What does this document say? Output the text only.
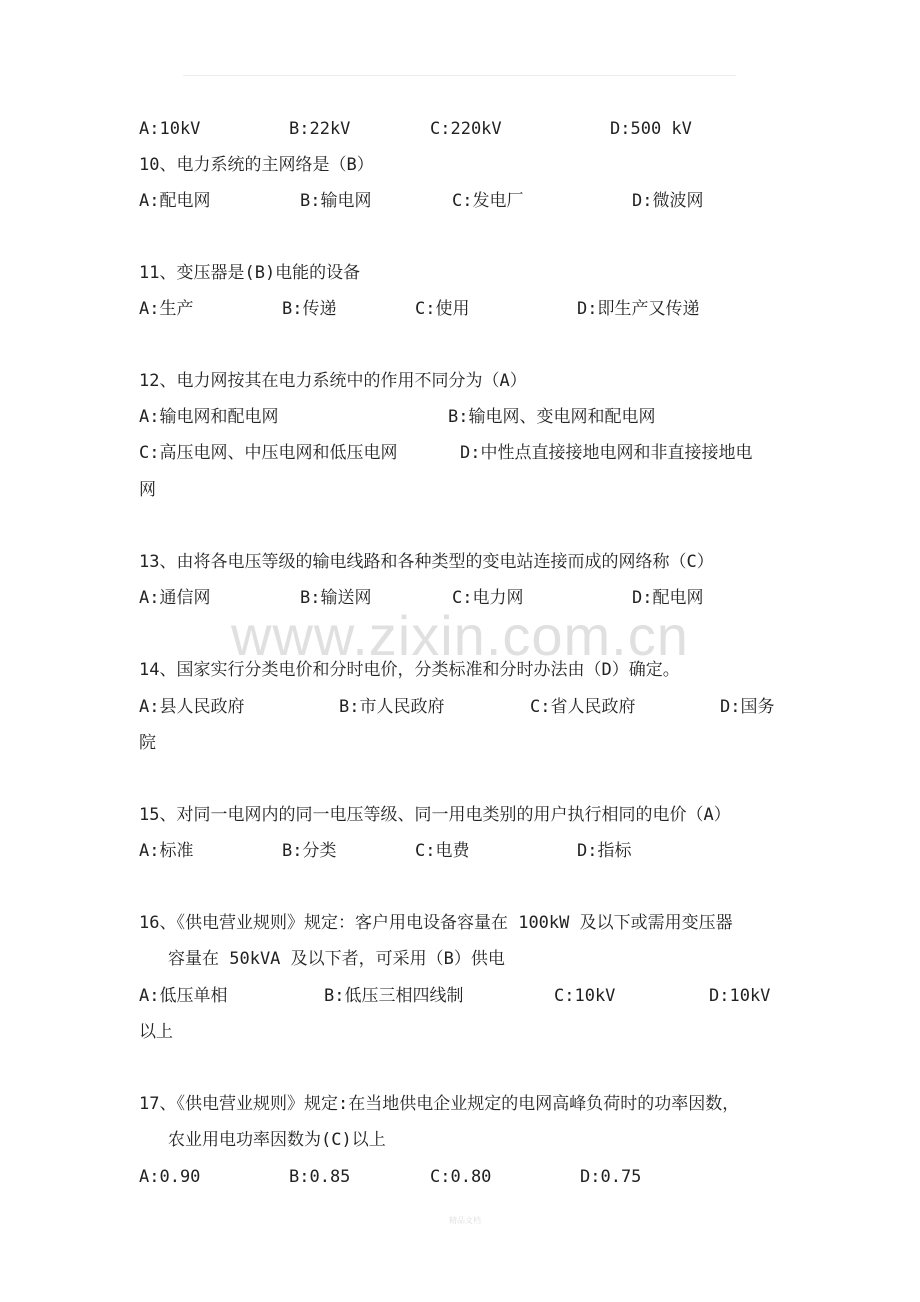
A:10kV	B:22kV	C:220kV	D:500 kV
10、电力系统的主网络是（B）
A:配电网	B:输电网	C:发电厂	D:微波网
11、变压器是(B)电能的设备
A:生产	B:传递	C:使用	D:即生产又传递
12、电力网按其在电力系统中的作用不同分为（A）
A:输电网和配电网	B:输电网、变电网和配电网
C:高压电网、中压电网和低压电网	D:中性点直接接地电网和非直接接地电
网
13、由将各电压等级的输电线路和各种类型的变电站连接而成的网络称（C）
A:通信网	B:输送网	C:电力网	D:配电网
www.zixin.com.cn
14、国家实行分类电价和分时电价，分类标准和分时办法由（D）确定。
A:县人民政府	B:市人民政府	C:省人民政府	D:国务
院
15、对同一电网内的同一电压等级、同一用电类别的用户执行相同的电价（A）
A:标准	B:分类	C:电费	D:指标
16、《供电营业规则》规定：客户用电设备容量在 100kW 及以下或需用变压器
容量在 50kVA 及以下者，可采用（B）供电
A:低压单相	B:低压三相四线制	C:10kV	D:10kV
以上
17、《供电营业规则》规定:在当地供电企业规定的电网高峰负荷时的功率因数，
农业用电功率因数为(C)以上
A:0.90	B:0.85	C:0.80	D:0.75
精品文档
